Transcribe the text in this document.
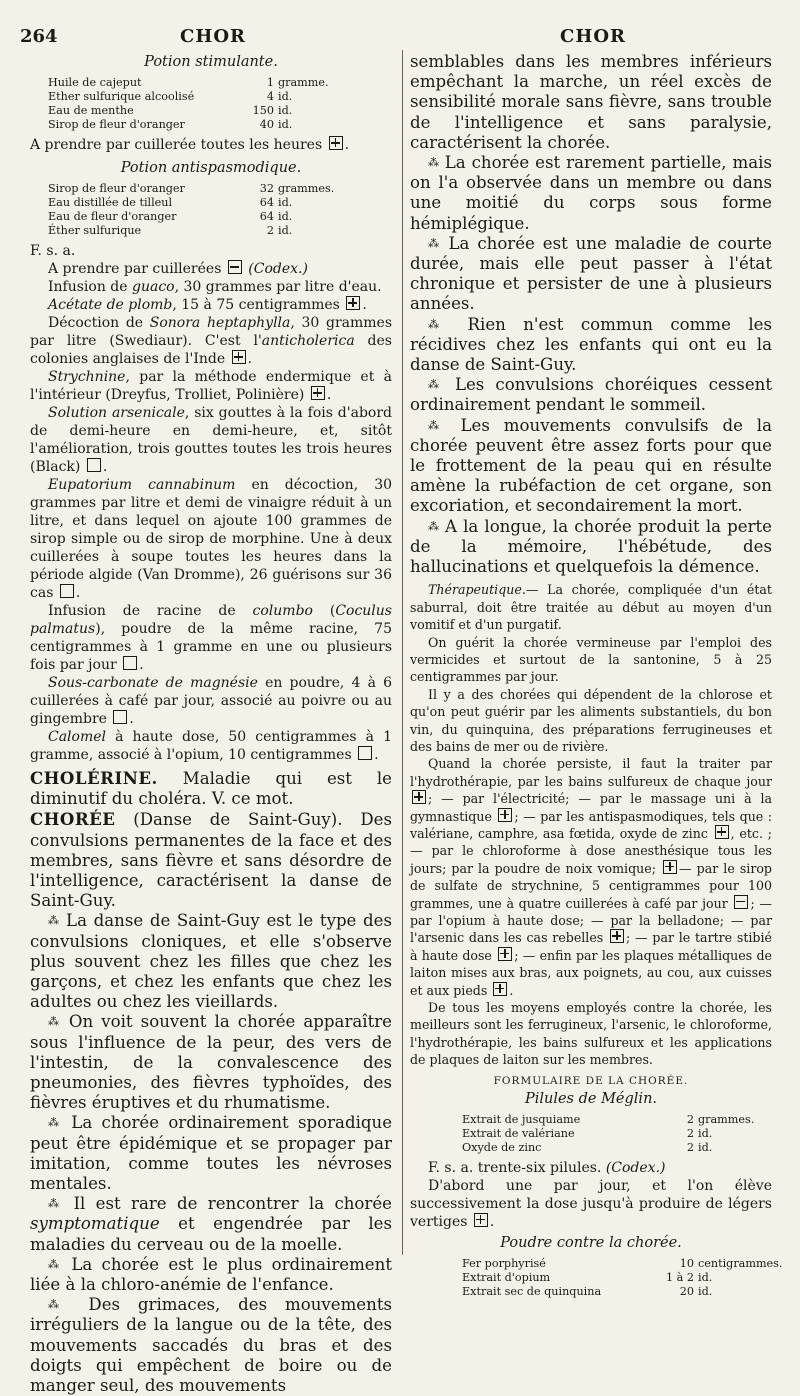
264	CHOR	CHOR

Potion stimulante.

Huile de cajeput	1 gramme.
Ether sulfurique alcoolisé	4 id.
Eau de menthe	150 id.
Sirop de fleur d'oranger	40 id.

A prendre par cuillerée toutes les heures .

Potion antispasmodique.

Sirop de fleur d'oranger	32 grammes.
Eau distillée de tilleul	64 id.
Eau de fleur d'oranger	64 id.
Éther sulfurique	2 id.

F. s. a.

A prendre par cuillerées (Codex.)

Infusion de guaco, 30 grammes par litre d'eau.

Acétate de plomb, 15 à 75 centigrammes .

Décoction de Sonora heptaphylla, 30 grammes par litre (Swediaur). C'est l'anticholerica des colonies anglaises de l'Inde .

Strychnine, par la méthode endermique et à l'intérieur (Dreyfus, Trolliet, Polinière) .

Solution arsenicale, six gouttes à la fois d'abord de demi-heure en demi-heure, et, sitôt l'amélioration, trois gouttes toutes les trois heures (Black) .

Eupatorium cannabinum en décoction, 30 grammes par litre et demi de vinaigre réduit à un litre, et dans lequel on ajoute 100 grammes de sirop simple ou de sirop de morphine. Une à deux cuillerées à soupe toutes les heures dans la période algide (Van Dromme), 26 guérisons sur 36 cas .

Infusion de racine de columbo (Coculus palmatus), poudre de la même racine, 75 centigrammes à 1 gramme en une ou plusieurs fois par jour .

Sous-carbonate de magnésie en poudre, 4 à 6 cuillerées à café par jour, associé au poivre ou au gingembre .

Calomel à haute dose, 50 centigrammes à 1 gramme, associé à l'opium, 10 centigrammes .

CHOLÉRINE. Maladie qui est le diminutif du choléra. V. ce mot.

CHORÉE (Danse de Saint-Guy). Des convulsions permanentes de la face et des membres, sans fièvre et sans désordre de l'intelligence, caractérisent la danse de Saint-Guy.

⁂ La danse de Saint-Guy est le type des convulsions cloniques, et elle s'observe plus souvent chez les filles que chez les garçons, et chez les enfants que chez les adultes ou chez les vieillards.

⁂ On voit souvent la chorée apparaître sous l'influence de la peur, des vers de l'intestin, de la convalescence des pneumonies, des fièvres typhoïdes, des fièvres éruptives et du rhumatisme.

⁂ La chorée ordinairement sporadique peut être épidémique et se propager par imitation, comme toutes les névroses mentales.

⁂ Il est rare de rencontrer la chorée symptomatique et engendrée par les maladies du cerveau ou de la moelle.

⁂ La chorée est le plus ordinairement liée à la chloro-anémie de l'enfance.

⁂ Des grimaces, des mouvements irréguliers de la langue ou de la tête, des mouvements saccadés du bras et des doigts qui empêchent de boire ou de manger seul, des mouvements

semblables dans les membres inférieurs empêchant la marche, un réel excès de sensibilité morale sans fièvre, sans trouble de l'intelligence et sans paralysie, caractérisent la chorée.

⁂ La chorée est rarement partielle, mais on l'a observée dans un membre ou dans une moitié du corps sous forme hémiplégique.

⁂ La chorée est une maladie de courte durée, mais elle peut passer à l'état chronique et persister de une à plusieurs années.

⁂ Rien n'est commun comme les récidives chez les enfants qui ont eu la danse de Saint-Guy.

⁂ Les convulsions choréiques cessent ordinairement pendant le sommeil.

⁂ Les mouvements convulsifs de la chorée peuvent être assez forts pour que le frottement de la peau qui en résulte amène la rubéfaction de cet organe, son excoriation, et secondairement la mort.

⁂ A la longue, la chorée produit la perte de la mémoire, l'hébétude, des hallucinations et quelquefois la démence.

Thérapeutique.— La chorée, compliquée d'un état saburral, doit être traitée au début au moyen d'un vomitif et d'un purgatif.

On guérit la chorée vermineuse par l'emploi des vermicides et surtout de la santonine, 5 à 25 centigrammes par jour.

Il y a des chorées qui dépendent de la chlorose et qu'on peut guérir par les aliments substantiels, du bon vin, du quinquina, des préparations ferrugineuses et des bains de mer ou de rivière.

Quand la chorée persiste, il faut la traiter par l'hydrothérapie, par les bains sulfureux de chaque jour ; — par l'électricité; — par le massage uni à la gymnastique ; — par les antispasmodiques, tels que : valériane, camphre, asa fœtida, oxyde de zinc , etc. ; — par le chloroforme à dose anesthésique tous les jours; par la poudre de noix vomique; — par le sirop de sulfate de strychnine, 5 centigrammes pour 100 grammes, une à quatre cuillerées à café par jour ; — par l'opium à haute dose; — par la belladone; — par l'arsenic dans les cas rebelles ; — par le tartre stibié à haute dose ; — enfin par les plaques métalliques de laiton mises aux bras, aux poignets, au cou, aux cuisses et aux pieds .

De tous les moyens employés contre la chorée, les meilleurs sont les ferrugineux, l'arsenic, le chloroforme, l'hydrothérapie, les bains sulfureux et les applications de plaques de laiton sur les membres.

FORMULAIRE DE LA CHORÉE.

Pilules de Méglin.

Extrait de jusquiame	2 grammes.
Extrait de valériane	2 id.
Oxyde de zinc	2 id.

F. s. a. trente-six pilules. (Codex.)

D'abord une par jour, et l'on élève successivement la dose jusqu'à produire de légers vertiges .

Poudre contre la chorée.

Fer porphyrisé	10 centigrammes.
Extrait d'opium	1 à 2 id.
Extrait sec de quinquina	20 id.
